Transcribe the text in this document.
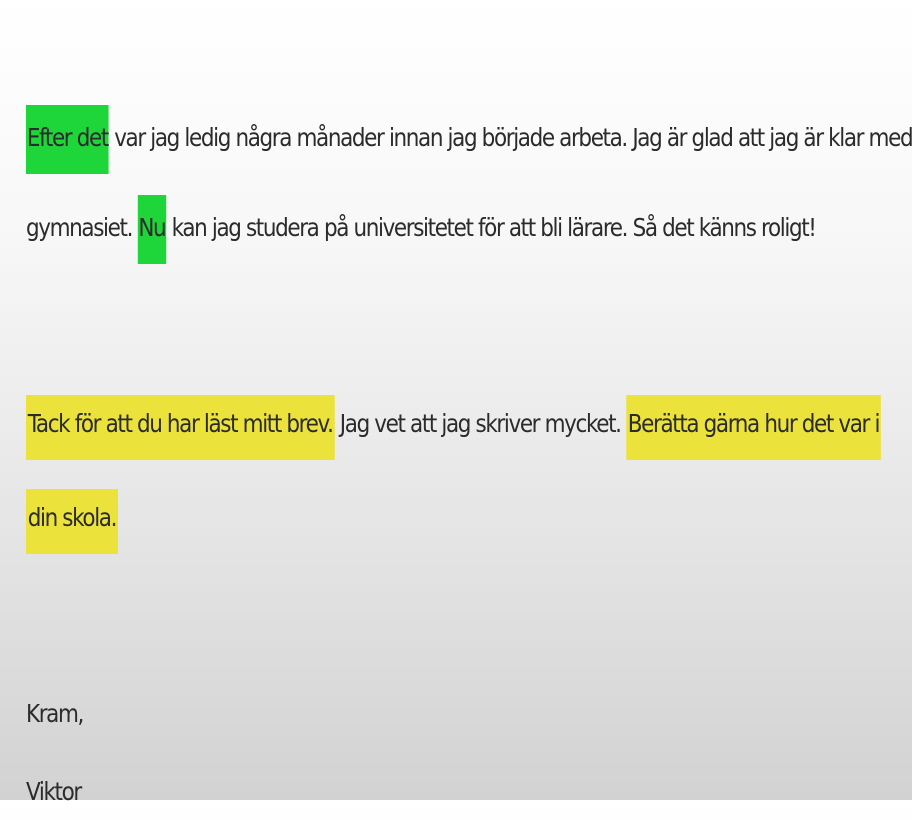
Efter det var jag ledig några månader innan jag började arbeta. Jag är glad att jag är klar med
gymnasiet. Nu kan jag studera på universitetet för att bli lärare. Så det känns roligt!
Tack för att du har läst mitt brev. Jag vet att jag skriver mycket. Berätta gärna hur det var i
din skola.
Kram,
Viktor
